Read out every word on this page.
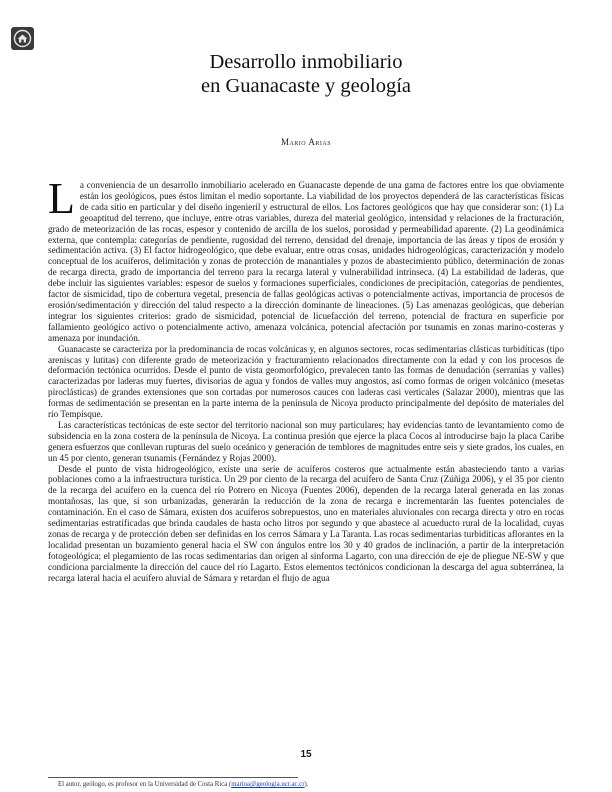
Desarrollo inmobiliario
en Guanacaste y geología
Mario Arias

La conveniencia de un desarrollo inmobiliario acelerado en Guanacaste depende de una gama de factores entre los que obviamente están los geológicos, pues éstos limitan el medio soportante. La viabilidad de los proyectos dependerá de las características físicas de cada sitio en particular y del diseño ingenieril y estructural de ellos. Los factores geológicos que hay que considerar son: (1) La geoaptitud del terreno, que incluye, entre otras variables, dureza del material geológico, intensidad y relaciones de la fracturación, grado de meteorización de las rocas, espesor y contenido de arcilla de los suelos, porosidad y permeabilidad aparente. (2) La geodinámica externa, que contempla: categorías de pendiente, rugosidad del terreno, densidad del drenaje, importancia de las áreas y tipos de erosión y sedimentación activa. (3) El factor hidrogeológico, que debe evaluar, entre otras cosas, unidades hidrogeológicas, caracterización y modelo conceptual de los acuíferos, delimitación y zonas de protección de manantiales y pozos de abastecimiento público, determinación de zonas de recarga directa, grado de importancia del terreno para la recarga lateral y vulnerabilidad intrínseca. (4) La estabilidad de laderas, que debe incluir las siguientes variables: espesor de suelos y formaciones superficiales, condiciones de precipitación, categorías de pendientes, factor de sismicidad, tipo de cobertura vegetal, presencia de fallas geológicas activas o potencialmente activas, importancia de procesos de erosión/sedimentación y dirección del talud respecto a la dirección dominante de lineaciones. (5) Las amenazas geológicas, que deberían integrar los siguientes criterios: grado de sismicidad, potencial de licuefacción del terreno, potencial de fractura en superficie por fallamiento geológico activo o potencialmente activo, amenaza volcánica, potencial afectación por tsunamis en zonas marino-costeras y amenaza por inundación.

Guanacaste se caracteriza por la predominancia de rocas volcánicas y, en algunos sectores, rocas sedimentarias clásticas turbidíticas (tipo areniscas y lutitas) con diferente grado de meteorización y fracturamiento relacionados directamente con la edad y con los procesos de deformación tectónica ocurridos. Desde el punto de vista geomorfológico, prevalecen tanto las formas de denudación (serranías y valles) caracterizadas por laderas muy fuertes, divisorias de agua y fondos de valles muy angostos, así como formas de origen volcánico (mesetas piroclásticas) de grandes extensiones que son cortadas por numerosos cauces con laderas casi verticales (Salazar 2000), mientras que las formas de sedimentación se presentan en la parte interna de la península de Nicoya producto principalmente del depósito de materiales del río Tempisque.

Las características tectónicas de este sector del territorio nacional son muy particulares; hay evidencias tanto de levantamiento como de subsidencia en la zona costera de la península de Nicoya. La continua presión que ejerce la placa Cocos al introducirse bajo la placa Caribe genera esfuerzos que conllevan rupturas del suelo oceánico y generación de temblores de magnitudes entre seis y siete grados, los cuales, en un 45 por ciento, generan tsunamis (Fernández y Rojas 2000).

Desde el punto de vista hidrogeológico, existe una serie de acuíferos costeros que actualmente están abasteciendo tanto a varias poblaciones como a la infraestructura turística. Un 29 por ciento de la recarga del acuífero de Santa Cruz (Zúñiga 2006), y el 35 por ciento de la recarga del acuífero en la cuenca del río Potrero en Nicoya (Fuentes 2006), dependen de la recarga lateral generada en las zonas montañosas, las que, si son urbanizadas, generarán la reducción de la zona de recarga e incrementarán las fuentes potenciales de contaminación. En el caso de Sámara, existen dos acuíferos sobrepuestos, uno en materiales aluvionales con recarga directa y otro en rocas sedimentarias estratificadas que brinda caudales de hasta ocho litros por segundo y que abastece al acueducto rural de la localidad, cuyas zonas de recarga y de protección deben ser definidas en los cerros Sámara y La Taranta. Las rocas sedimentarias turbidíticas aflorantes en la localidad presentan un buzamiento general hacia el SW con ángulos entre los 30 y 40 grados de inclinación, a partir de la interpretación fotogeológica; el plegamiento de las rocas sedimentarias dan origen al sinforma Lagarto, con una dirección de eje de pliegue NE-SW y que condiciona parcialmente la dirección del cauce del río Lagarto. Estos elementos tectónicos condicionan la descarga del agua subterránea, la recarga lateral hacia el acuífero aluvial de Sámara y retardan el flujo de agua

15
El autor, geólogo, es profesor en la Universidad de Costa Rica (marioa@geologia.ucr.ac.cr).
